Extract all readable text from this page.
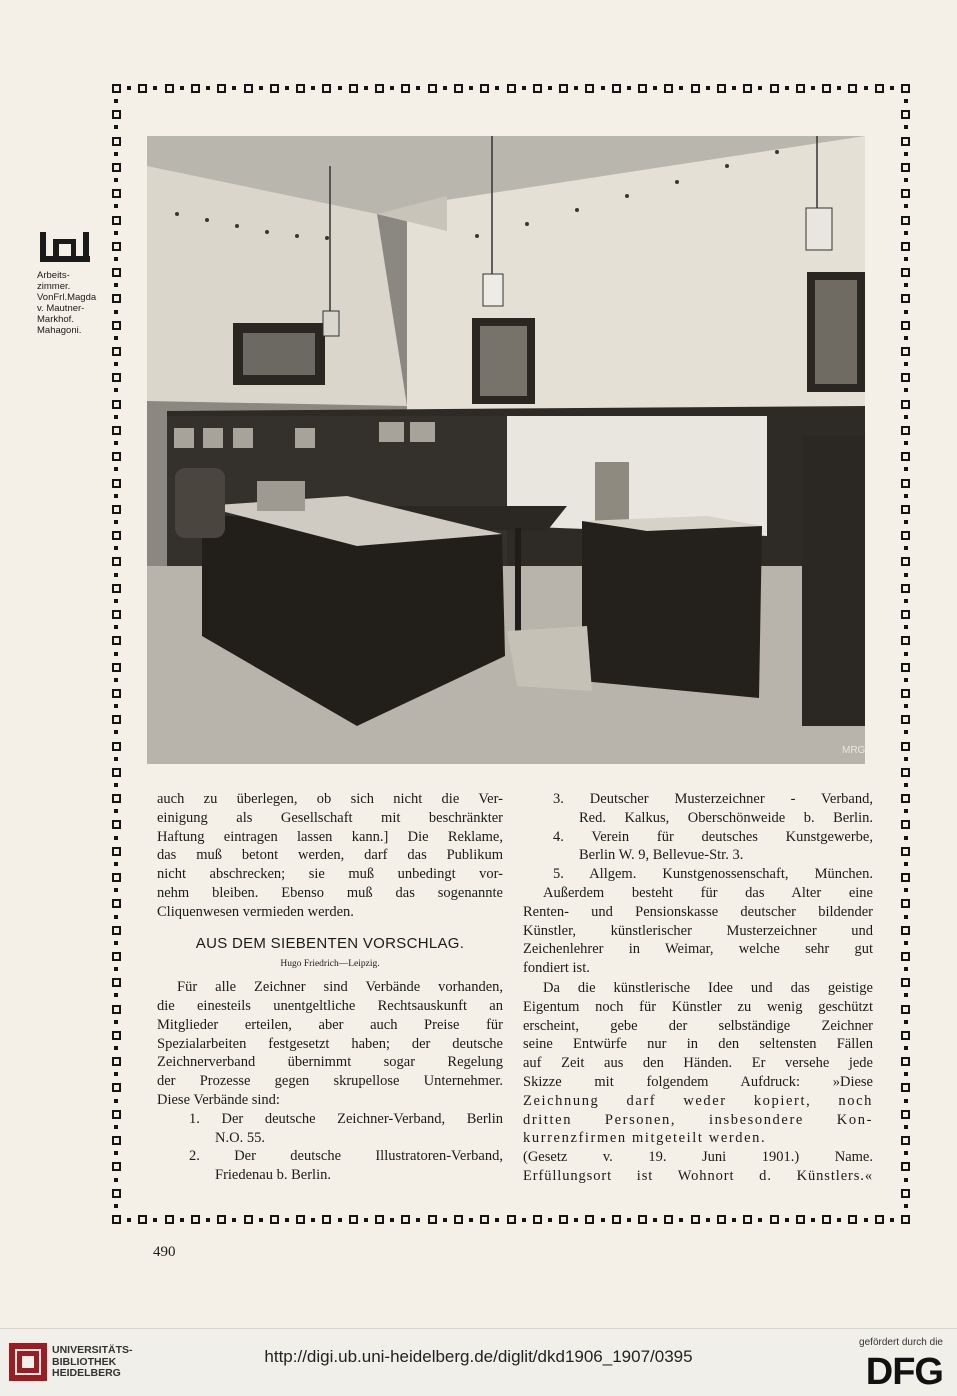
MRG
Arbeits-
zimmer.
VonFrl.Magda
v. Mautner-
Markhof.
Mahagoni.

auch zu überlegen, ob sich nicht die Ver-

einigung als Gesellschaft mit beschränkter

Haftung eintragen lassen kann.] Die Reklame,

das muß betont werden, darf das Publikum

nicht abschrecken; sie muß unbedingt vor-

nehm bleiben. Ebenso muß das sogenannte

Cliquenwesen vermieden werden.

AUS DEM SIEBENTEN VORSCHLAG.
Hugo Friedrich—Leipzig.

Für alle Zeichner sind Verbände vorhanden,

die einesteils unentgeltliche Rechtsauskunft an

Mitglieder erteilen, aber auch Preise für

Spezialarbeiten festgesetzt haben; der deutsche

Zeichnerverband übernimmt sogar Regelung

der Prozesse gegen skrupellose Unternehmer.

Diese Verbände sind:

1. Der deutsche Zeichner-Verband, Berlin

N.O. 55.

2. Der deutsche Illustratoren-Verband,

Friedenau b. Berlin.

3. Deutscher Musterzeichner - Verband,

Red. Kalkus, Oberschönweide b. Berlin.

4. Verein für deutsches Kunstgewerbe,

Berlin W. 9, Bellevue-Str. 3.

5. Allgem. Kunstgenossenschaft, München.

Außerdem besteht für das Alter eine

Renten- und Pensionskasse deutscher bildender

Künstler, künstlerischer Musterzeichner und

Zeichenlehrer in Weimar, welche sehr gut

fondiert ist.

Da die künstlerische Idee und das geistige

Eigentum noch für Künstler zu wenig geschützt

erscheint, gebe der selbständige Zeichner

seine Entwürfe nur in den seltensten Fällen

auf Zeit aus den Händen. Er versehe jede

Skizze mit folgendem Aufdruck: »Diese

Zeichnung darf weder kopiert, noch

dritten Personen, insbesondere Kon-

kurrenzfirmen mitgeteilt werden.

(Gesetz v. 19. Juni 1901.) Name.

Erfüllungsort ist Wohnort d. Künstlers.«

490
UNIVERSITÄTS-
BIBLIOTHEK
HEIDELBERG
http://digi.ub.uni-heidelberg.de/diglit/dkd1906_1907/0395
gefördert durch die
DFG
